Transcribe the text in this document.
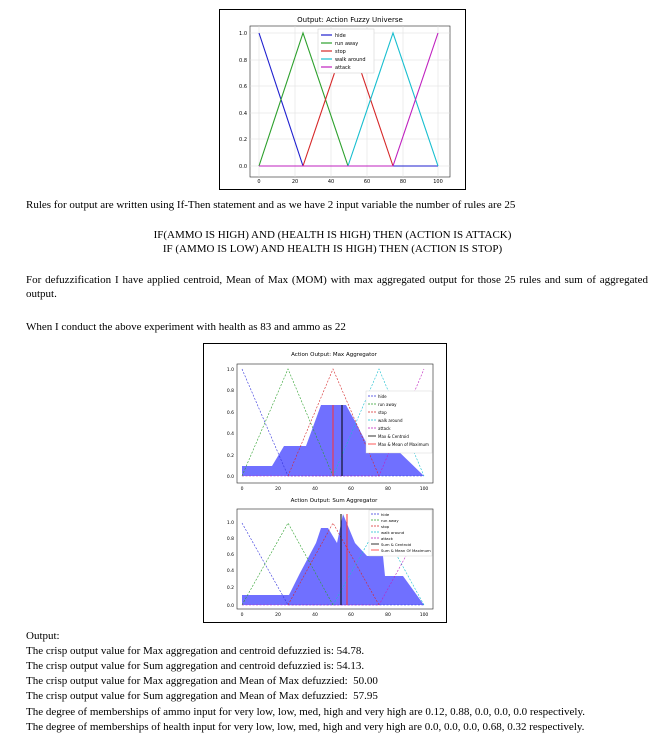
Output: Action Fuzzy Universe
0	20	40	60	80	100
0.0
0.2
0.4
0.6
0.8
1.0	hide
run away
stop
walk around
attack
Rules for output are written using If-Then statement and as we have 2 input variable the number of rules are 25
IF(AMMO IS HIGH) AND (HEALTH IS HIGH) THEN (ACTION IS ATTACK)
IF (AMMO IS LOW) AND HEALTH IS HIGH) THEN (ACTION IS STOP)
For defuzzification I have applied centroid, Mean of Max (MOM) with max aggregated output for those 25 rules and sum of aggregated output.
When I conduct the above experiment with health as 83 and ammo as 22
Action Output: Max Aggregator
0	20	40	60	80	100
0.0
0.2
0.4
0.6
0.8
1.0
hide
run away
stop
walk around
attack
Max & Centroid
Max & Mean of Maximum
Action Output: Sum Aggregator
0	20	40	60	80	100
0.0
0.2
0.4
0.6
0.8
1.0
hide
run away
stop
walk around
attack
Sum & Centroid
Sum & Mean Of Maximum
Output:
The crisp output value for Max aggregation and centroid defuzzied is: 54.78.
The crisp output value for Sum aggregation and centroid defuzzied is: 54.13.
The crisp output value for Max aggregation and Mean of Max defuzzied:  50.00
The crisp output value for Sum aggregation and Mean of Max defuzzied:  57.95
The degree of memberships of ammo input for very low, low, med, high and very high are 0.12, 0.88, 0.0, 0.0, 0.0 respectively.
The degree of memberships of health input for very low, low, med, high and very high are 0.0, 0.0, 0.0, 0.68, 0.32 respectively.
